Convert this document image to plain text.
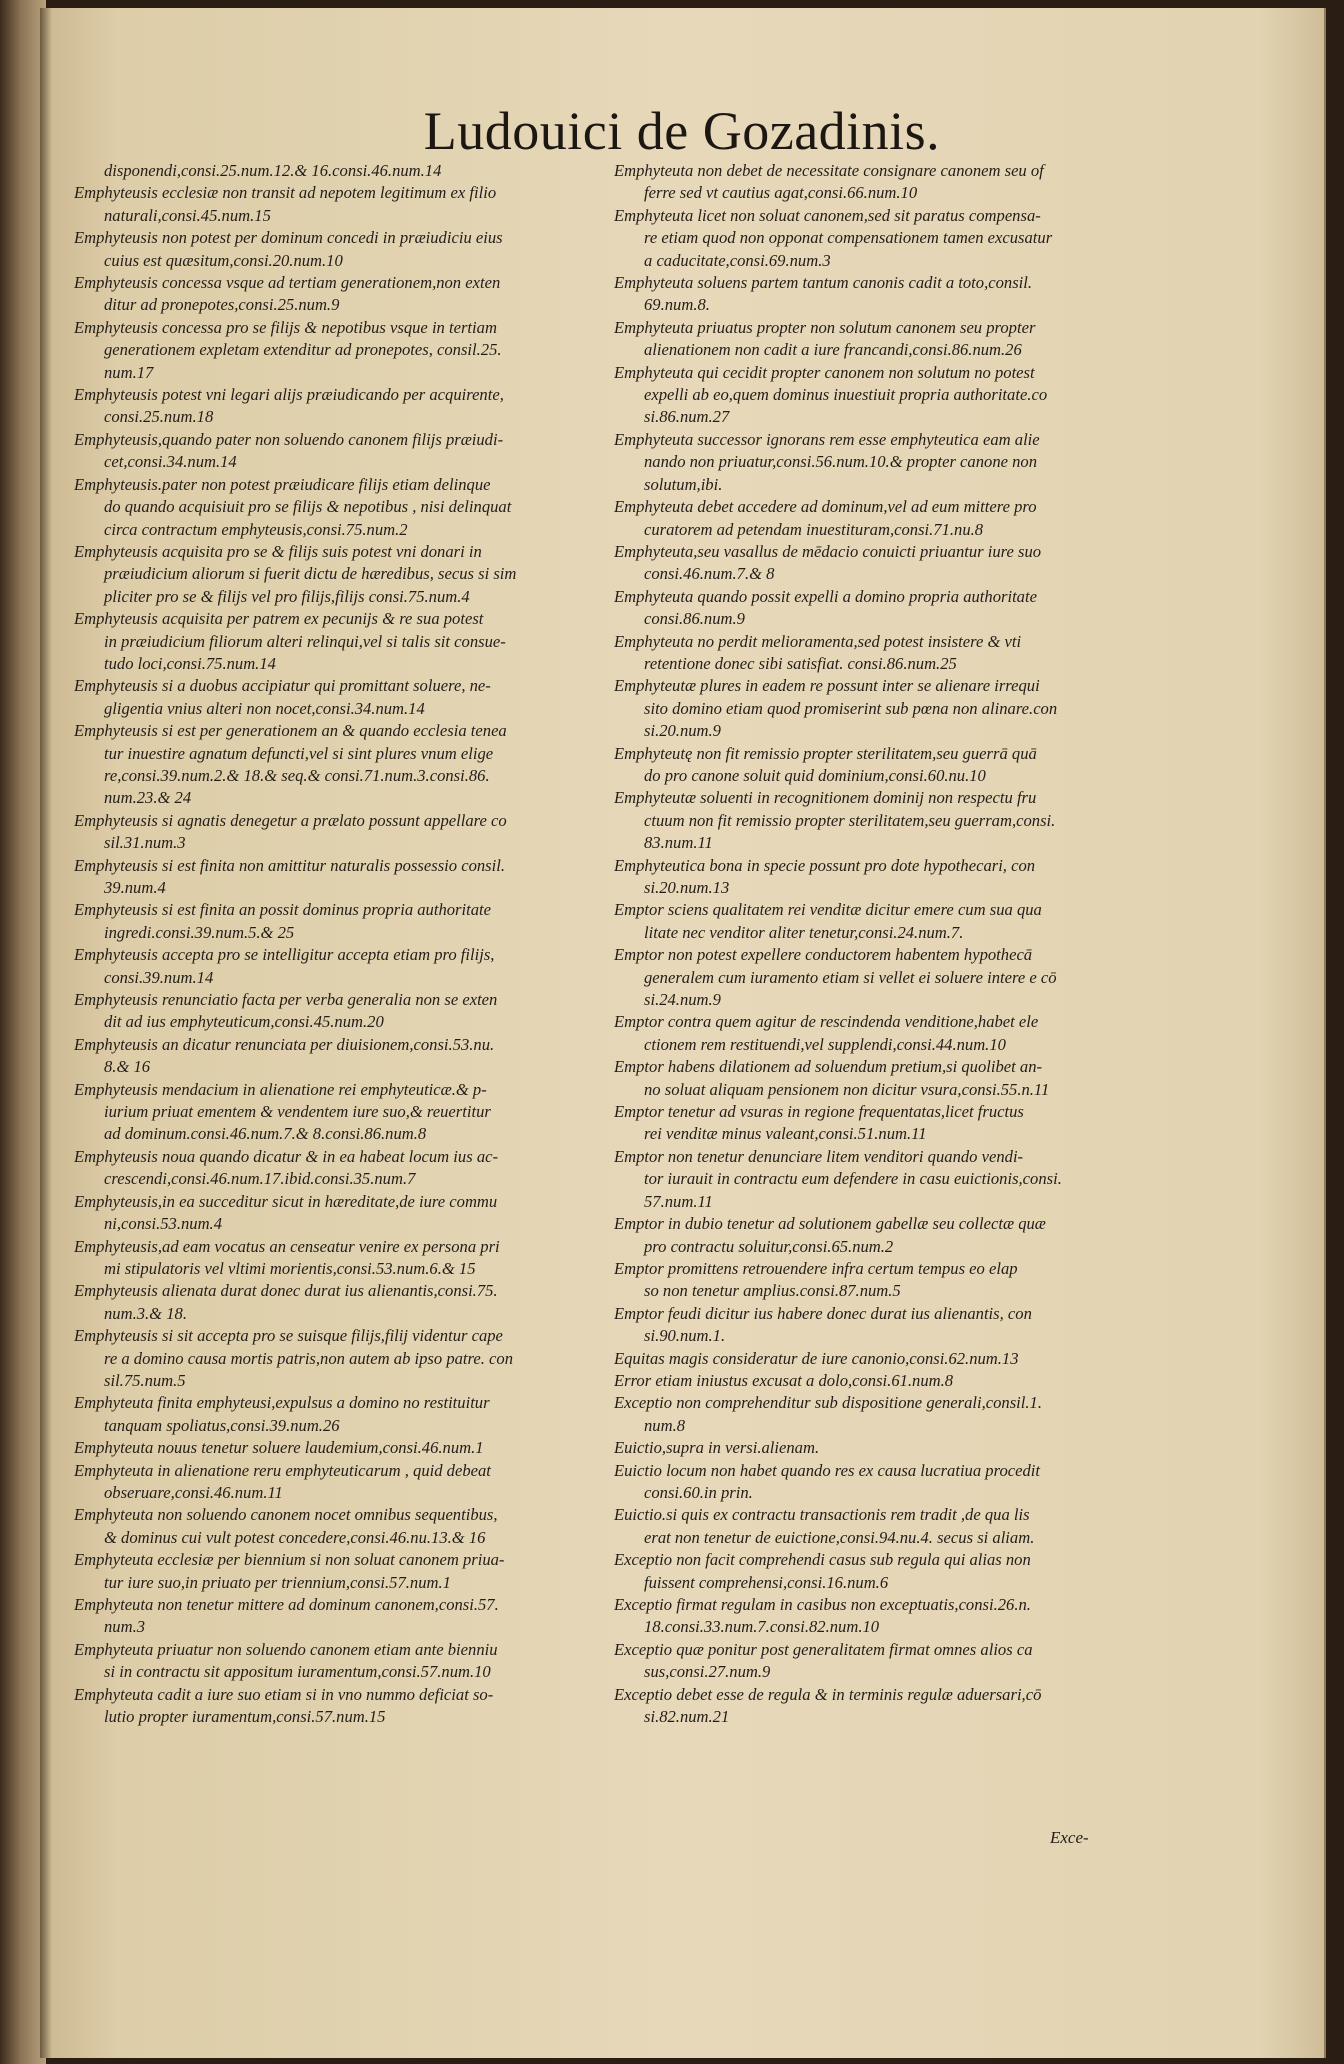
Ludouici de Gozadinis.
disponendi,consi.25.num.12.& 16.consi.46.num.14
Emphyteusis ecclesiæ non transit ad nepotem legitimum ex filio
naturali,consi.45.num.15
Emphyteusis non potest per dominum concedi in præiudiciu eius
cuius est quæsitum,consi.20.num.10
Emphyteusis concessa vsque ad tertiam generationem,non exten
ditur ad pronepotes,consi.25.num.9
Emphyteusis concessa pro se filijs & nepotibus vsque in tertiam
generationem expletam extenditur ad pronepotes, consil.25.
num.17
Emphyteusis potest vni legari alijs præiudicando per acquirente,
consi.25.num.18
Emphyteusis,quando pater non soluendo canonem filijs præiudi-
cet,consi.34.num.14
Emphyteusis.pater non potest præiudicare filijs etiam delinque
do quando acquisiuit pro se filijs & nepotibus , nisi delinquat
circa contractum emphyteusis,consi.75.num.2
Emphyteusis acquisita pro se & filijs suis potest vni donari in
præiudicium aliorum si fuerit dictu de hæredibus, secus si sim
pliciter pro se & filijs vel pro filijs,filijs consi.75.num.4
Emphyteusis acquisita per patrem ex pecunijs & re sua potest
in præiudicium filiorum alteri relinqui,vel si talis sit consue-
tudo loci,consi.75.num.14
Emphyteusis si a duobus accipiatur qui promittant soluere, ne-
gligentia vnius alteri non nocet,consi.34.num.14
Emphyteusis si est per generationem an & quando ecclesia tenea
tur inuestire agnatum defuncti,vel si sint plures vnum elige
re,consi.39.num.2.& 18.& seq.& consi.71.num.3.consi.86.
num.23.& 24
Emphyteusis si agnatis denegetur a prælato possunt appellare co
sil.31.num.3
Emphyteusis si est finita non amittitur naturalis possessio consil.
39.num.4
Emphyteusis si est finita an possit dominus propria authoritate
ingredi.consi.39.num.5.& 25
Emphyteusis accepta pro se intelligitur accepta etiam pro filijs,
consi.39.num.14
Emphyteusis renunciatio facta per verba generalia non se exten
dit ad ius emphyteuticum,consi.45.num.20
Emphyteusis an dicatur renunciata per diuisionem,consi.53.nu.
8.& 16
Emphyteusis mendacium in alienatione rei emphyteuticæ.& p-
iurium priuat ementem & vendentem iure suo,& reuertitur
ad dominum.consi.46.num.7.& 8.consi.86.num.8
Emphyteusis noua quando dicatur & in ea habeat locum ius ac-
crescendi,consi.46.num.17.ibid.consi.35.num.7
Emphyteusis,in ea succeditur sicut in hæreditate,de iure commu
ni,consi.53.num.4
Emphyteusis,ad eam vocatus an censeatur venire ex persona pri
mi stipulatoris vel vltimi morientis,consi.53.num.6.& 15
Emphyteusis alienata durat donec durat ius alienantis,consi.75.
num.3.& 18.
Emphyteusis si sit accepta pro se suisque filijs,filij videntur cape
re a domino causa mortis patris,non autem ab ipso patre. con
sil.75.num.5
Emphyteuta finita emphyteusi,expulsus a domino no restituitur
tanquam spoliatus,consi.39.num.26
Emphyteuta nouus tenetur soluere laudemium,consi.46.num.1
Emphyteuta in alienatione reru emphyteuticarum , quid debeat
obseruare,consi.46.num.11
Emphyteuta non soluendo canonem nocet omnibus sequentibus,
& dominus cui vult potest concedere,consi.46.nu.13.& 16
Emphyteuta ecclesiæ per biennium si non soluat canonem priua-
tur iure suo,in priuato per triennium,consi.57.num.1
Emphyteuta non tenetur mittere ad dominum canonem,consi.57.
num.3
Emphyteuta priuatur non soluendo canonem etiam ante bienniu
si in contractu sit appositum iuramentum,consi.57.num.10
Emphyteuta cadit a iure suo etiam si in vno nummo deficiat so-
lutio propter iuramentum,consi.57.num.15
Emphyteuta non debet de necessitate consignare canonem seu of
ferre sed vt cautius agat,consi.66.num.10
Emphyteuta licet non soluat canonem,sed sit paratus compensa-
re etiam quod non opponat compensationem tamen excusatur
a caducitate,consi.69.num.3
Emphyteuta soluens partem tantum canonis cadit a toto,consil.
69.num.8.
Emphyteuta priuatus propter non solutum canonem seu propter
alienationem non cadit a iure francandi,consi.86.num.26
Emphyteuta qui cecidit propter canonem non solutum no potest
expelli ab eo,quem dominus inuestiuit propria authoritate.co
si.86.num.27
Emphyteuta successor ignorans rem esse emphyteutica eam alie
nando non priuatur,consi.56.num.10.& propter canone non
solutum,ibi.
Emphyteuta debet accedere ad dominum,vel ad eum mittere pro
curatorem ad petendam inuestituram,consi.71.nu.8
Emphyteuta,seu vasallus de mēdacio conuicti priuantur iure suo
consi.46.num.7.& 8
Emphyteuta quando possit expelli a domino propria authoritate
consi.86.num.9
Emphyteuta no perdit melioramenta,sed potest insistere & vti
retentione donec sibi satisfiat. consi.86.num.25
Emphyteutæ plures in eadem re possunt inter se alienare irrequi
sito domino etiam quod promiserint sub pœna non alinare.con
si.20.num.9
Emphyteutę non fit remissio propter sterilitatem,seu guerrā quā
do pro canone soluit quid dominium,consi.60.nu.10
Emphyteutæ soluenti in recognitionem dominij non respectu fru
ctuum non fit remissio propter sterilitatem,seu guerram,consi.
83.num.11
Emphyteutica bona in specie possunt pro dote hypothecari, con
si.20.num.13
Emptor sciens qualitatem rei venditæ dicitur emere cum sua qua
litate nec venditor aliter tenetur,consi.24.num.7.
Emptor non potest expellere conductorem habentem hypothecā
generalem cum iuramento etiam si vellet ei soluere intere e cō
si.24.num.9
Emptor contra quem agitur de rescindenda venditione,habet ele
ctionem rem restituendi,vel supplendi,consi.44.num.10
Emptor habens dilationem ad soluendum pretium,si quolibet an-
no soluat aliquam pensionem non dicitur vsura,consi.55.n.11
Emptor tenetur ad vsuras in regione frequentatas,licet fructus
rei venditæ minus valeant,consi.51.num.11
Emptor non tenetur denunciare litem venditori quando vendi-
tor iurauit in contractu eum defendere in casu euictionis,consi.
57.num.11
Emptor in dubio tenetur ad solutionem gabellæ seu collectæ quæ
pro contractu soluitur,consi.65.num.2
Emptor promittens retrouendere infra certum tempus eo elap
so non tenetur amplius.consi.87.num.5
Emptor feudi dicitur ius habere donec durat ius alienantis, con
si.90.num.1.
Equitas magis consideratur de iure canonio,consi.62.num.13
Error etiam iniustus excusat a dolo,consi.61.num.8
Exceptio non comprehenditur sub dispositione generali,consil.1.
num.8
Euictio,supra in versi.alienam.
Euictio locum non habet quando res ex causa lucratiua procedit
consi.60.in prin.
Euictio.si quis ex contractu transactionis rem tradit ,de qua lis
erat non tenetur de euictione,consi.94.nu.4. secus si aliam.
Exceptio non facit comprehendi casus sub regula qui alias non
fuissent comprehensi,consi.16.num.6
Exceptio firmat regulam in casibus non exceptuatis,consi.26.n.
18.consi.33.num.7.consi.82.num.10
Exceptio quæ ponitur post generalitatem firmat omnes alios ca
sus,consi.27.num.9
Exceptio debet esse de regula & in terminis regulæ aduersari,cō
si.82.num.21
Exce-
